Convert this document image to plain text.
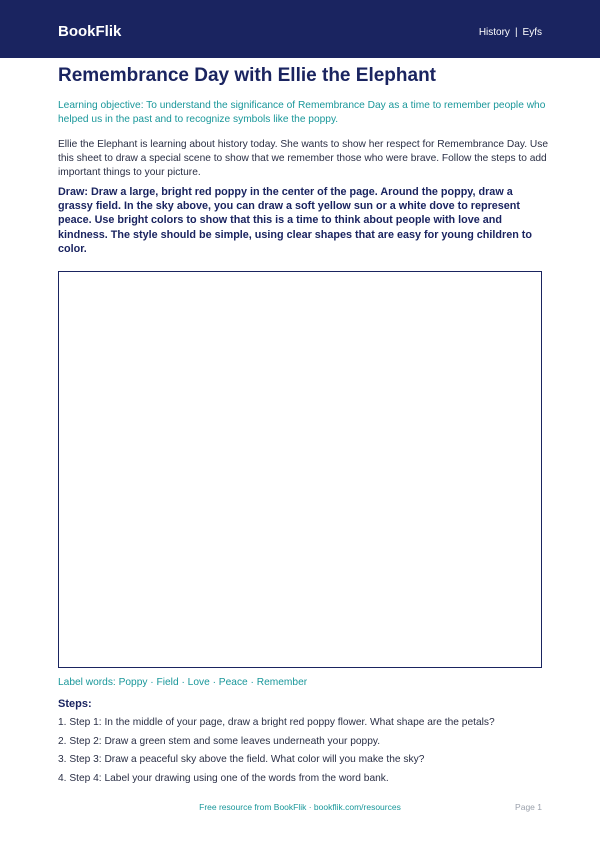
BookFlik	History | Eyfs
Remembrance Day with Ellie the Elephant
Learning objective: To understand the significance of Remembrance Day as a time to remember people who helped us in the past and to recognize symbols like the poppy.
Ellie the Elephant is learning about history today. She wants to show her respect for Remembrance Day. Use this sheet to draw a special scene to show that we remember those who were brave. Follow the steps to add important things to your picture.
Draw: Draw a large, bright red poppy in the center of the page. Around the poppy, draw a grassy field. In the sky above, you can draw a soft yellow sun or a white dove to represent peace. Use bright colors to show that this is a time to think about people with love and kindness. The style should be simple, using clear shapes that are easy for young children to color.
Label words: Poppy · Field · Love · Peace · Remember
Steps:
1. Step 1: In the middle of your page, draw a bright red poppy flower. What shape are the petals?
2. Step 2: Draw a green stem and some leaves underneath your poppy.
3. Step 3: Draw a peaceful sky above the field. What color will you make the sky?
4. Step 4: Label your drawing using one of the words from the word bank.
Free resource from BookFlik · bookflik.com/resources	Page 1
